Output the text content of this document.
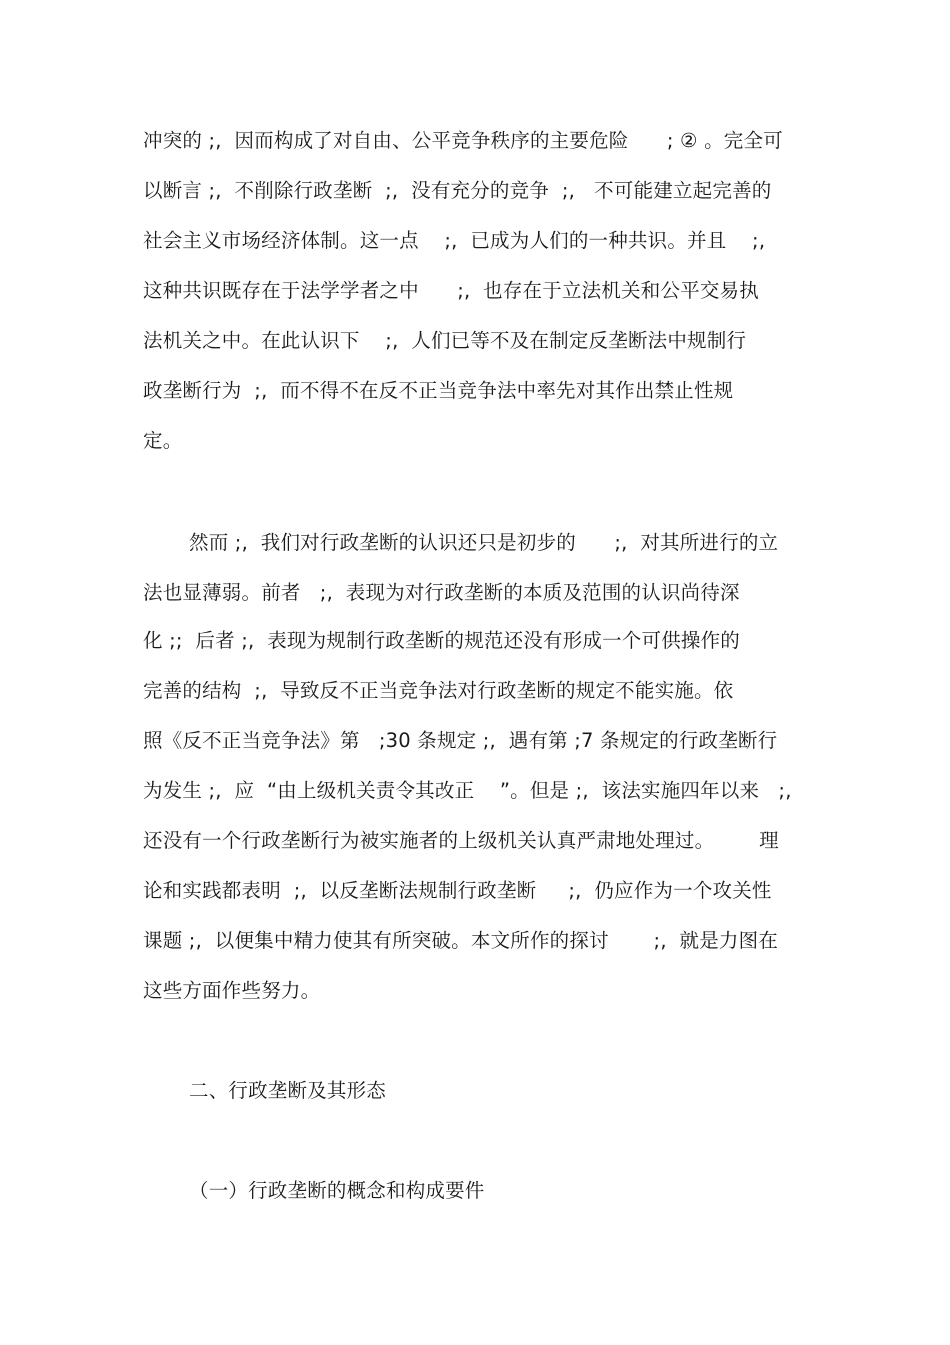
冲突的 ;,  因而构成了对自由、公平竞争秩序的主要危险      ; ② 。完全可
以断言 ;,  不削除行政垄断  ;,  没有充分的竞争  ;,   不可能建立起完善的
社会主义市场经济体制。这一点    ;,  已成为人们的一种共识。并且    ;,
这种共识既存在于法学学者之中      ;,  也存在于立法机关和公平交易执
法机关之中。在此认识下    ;,  人们已等不及在制定反垄断法中规制行
政垄断行为  ;,  而不得不在反不正当竞争法中率先对其作出禁止性规
定。
然而 ;,  我们对行政垄断的认识还只是初步的      ;,  对其所进行的立
法也显薄弱。前者   ;,  表现为对行政垄断的本质及范围的认识尚待深
化 ;;  后者 ;,  表现为规制行政垄断的规范还没有形成一个可供操作的
完善的结构  ;,  导致反不正当竞争法对行政垄断的规定不能实施。依
照《反不正当竞争法》第   ;30 条规定 ;,  遇有第 ;7 条规定的行政垄断行
为发生 ;,  应  “由上级机关责令其改正    ”。但是 ;,  该法实施四年以来   ;,
还没有一个行政垄断行为被实施者的上级机关认真严肃地处理过。       理
论和实践都表明  ;,  以反垄断法规制行政垄断     ;,  仍应作为一个攻关性
课题 ;,  以便集中精力使其有所突破。本文所作的探讨       ;,  就是力图在
这些方面作些努力。
二、行政垄断及其形态
（一）行政垄断的概念和构成要件
